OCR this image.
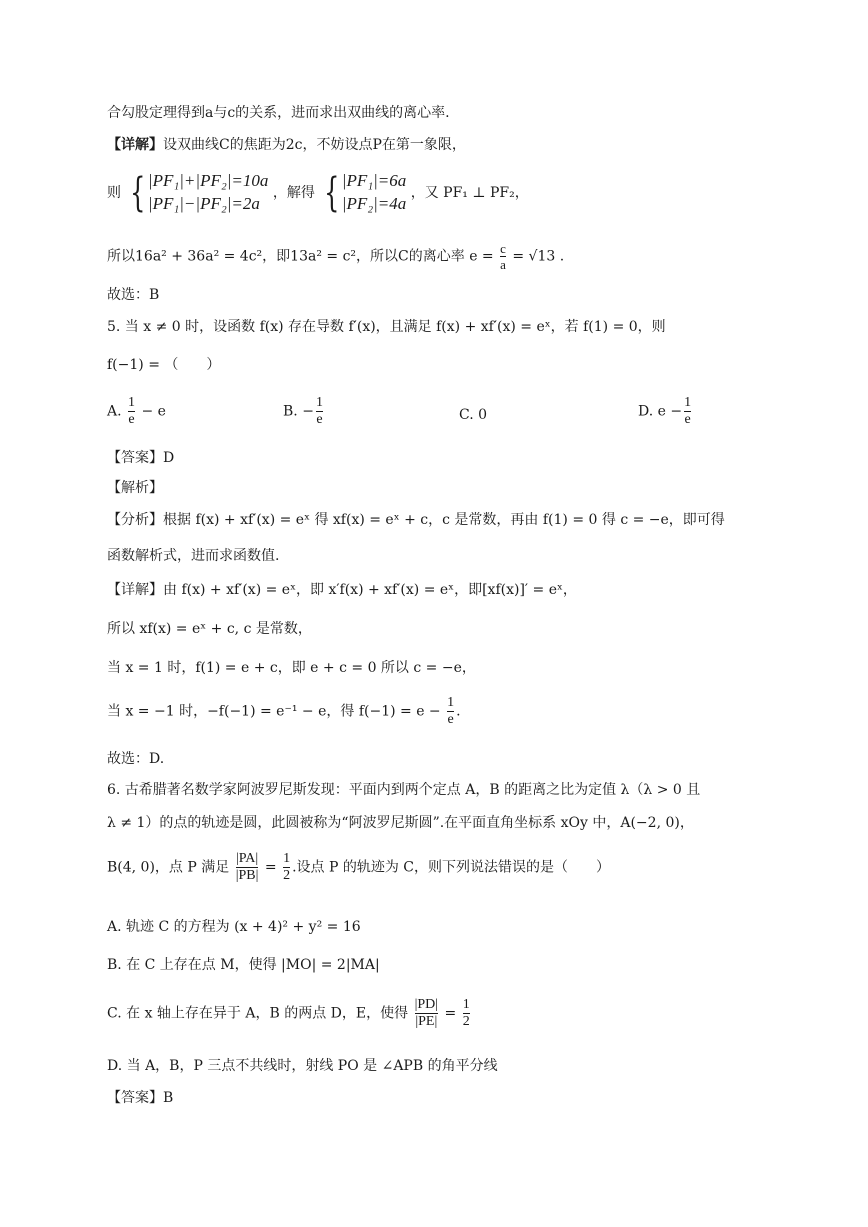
合勾股定理得到a与c的关系，进而求出双曲线的离心率.
【详解】设双曲线C的焦距为2c，不妨设点P在第一象限，
则 { |PF₁|+|PF₂|=10a
|PF₁|−|PF₂|=2a ，解得 { |PF₁|=6a
|PF₂|=4a ，又 PF₁ ⊥ PF₂，
所以16a² + 36a² = 4c²，即13a² = c²，所以C的离心率 $e = \frac{c}{a} = √13$ .
故选：B
5. 当 x ≠ 0 时，设函数 f(x) 存在导数 f′(x)，且满足 f(x) + xf′(x) = eˣ，若 f(1) = 0，则
f(−1) = （　　）
A. $\frac{1}{e} - e$	B. − $\frac{1}{e}$	C. 0	D. $e - \frac{1}{e}$
【答案】D
【解析】
【分析】根据 f(x) + xf′(x) = eˣ 得 xf(x) = eˣ + c，c 是常数，再由 f(1) = 0 得 c = −e，即可得
函数解析式，进而求函数值.
【详解】由 f(x) + xf′(x) = eˣ，即 x′f(x) + xf′(x) = eˣ，即[xf(x)]′ = eˣ，
所以 xf(x) = eˣ + c, c 是常数，
当 x = 1 时，f(1) = e + c，即 e + c = 0 所以 c = −e，
当 x = −1 时，−f(−1) = e⁻¹ − e，得 $f(-1) = e - \frac{1}{e}$ .
故选：D.
6. 古希腊著名数学家阿波罗尼斯发现：平面内到两个定点 A，B 的距离之比为定值 λ（λ > 0 且
λ ≠ 1）的点的轨迹是圆，此圆被称为“阿波罗尼斯圆”.在平面直角坐标系 xOy 中，A(−2, 0)，
B(4, 0)，点 P 满足 $\frac{|PA|}{|PB|} = \frac{1}{2}$ .设点 P 的轨迹为 C，则下列说法错误的是（　　）
A. 轨迹 C 的方程为 (x + 4)² + y² = 16
B. 在 C 上存在点 M，使得 |MO| = 2|MA|
C. 在 x 轴上存在异于 A，B 的两点 D，E，使得 $\frac{|PD|}{|PE|} = \frac{1}{2}$
D. 当 A，B，P 三点不共线时，射线 PO 是 ∠APB 的角平分线
【答案】B
